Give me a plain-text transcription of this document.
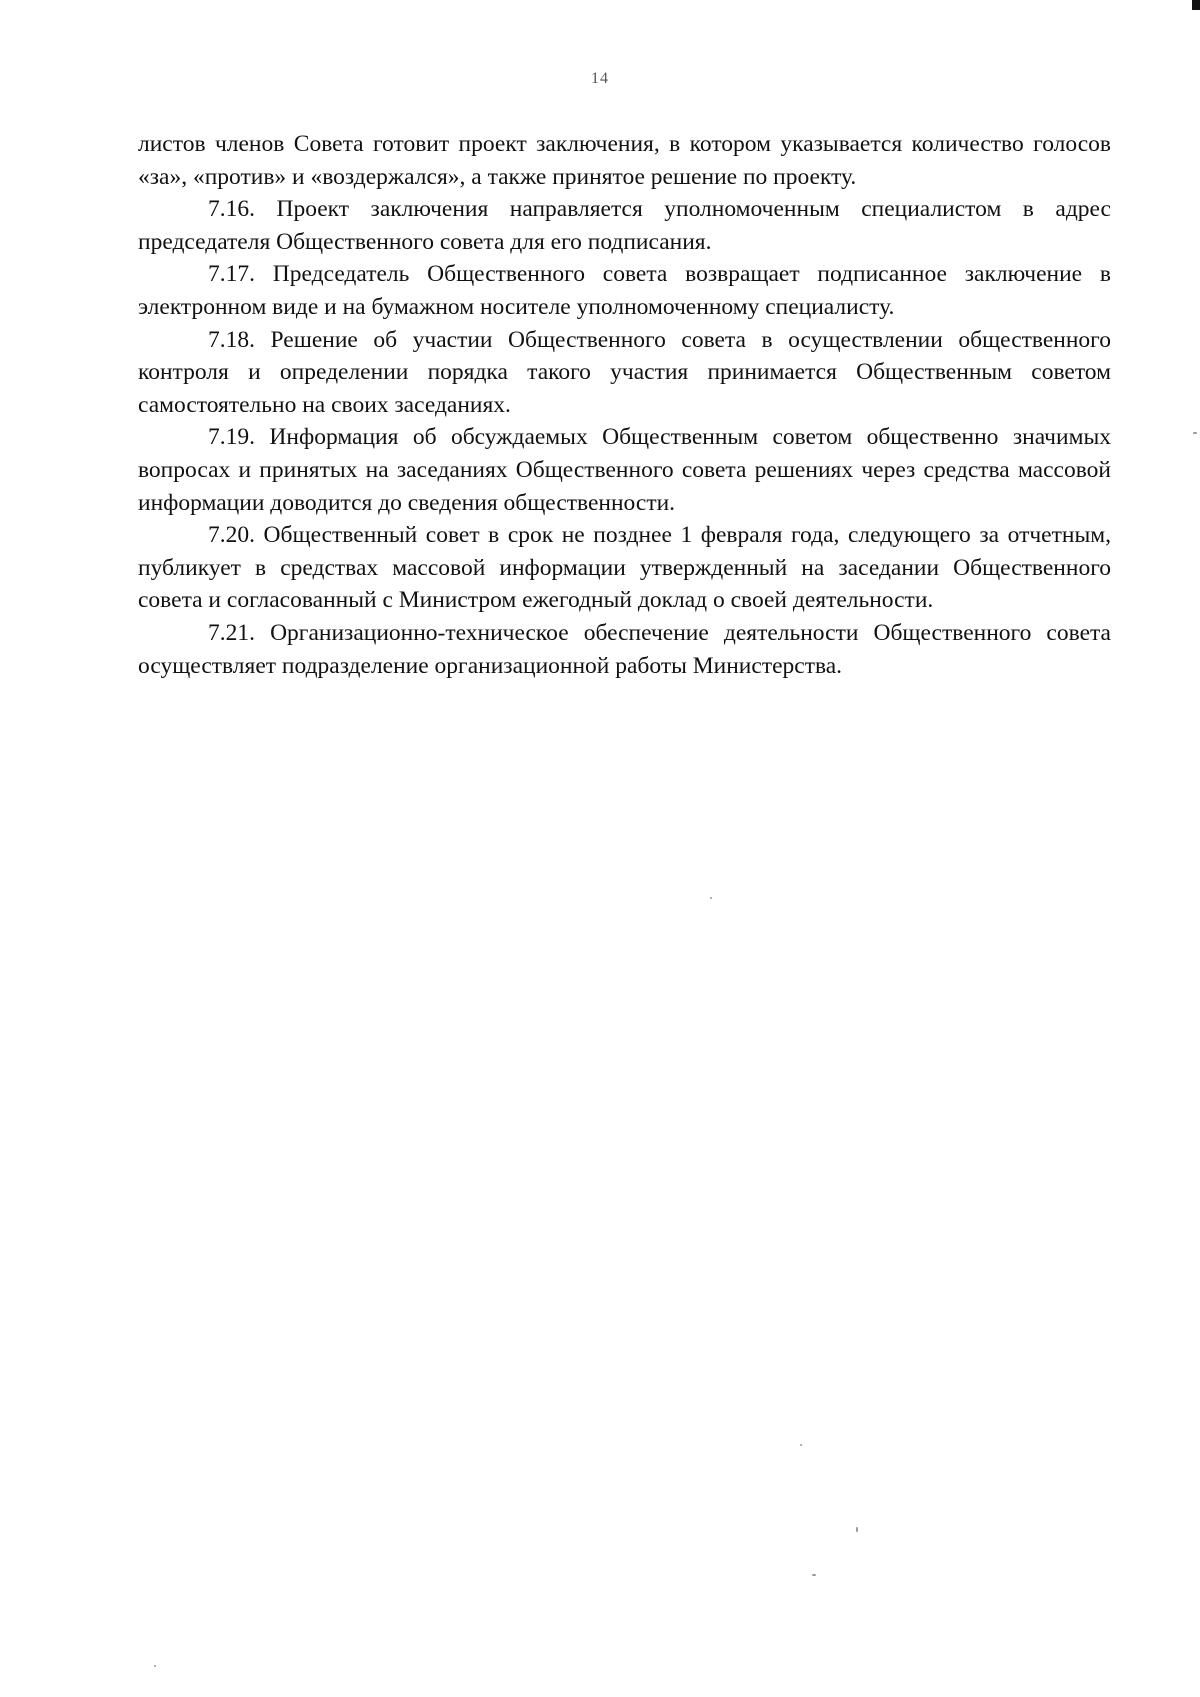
14

листов членов Совета готовит проект заключения, в котором указывается количество голосов «за», «против» и «воздержался», а также принятое решение по проекту.

7.16. Проект заключения направляется уполномоченным специалистом в адрес председателя Общественного совета для его подписания.

7.17. Председатель Общественного совета возвращает подписанное заключение в электронном виде и на бумажном носителе уполномоченному специалисту.

7.18. Решение об участии Общественного совета в осуществлении общественного контроля и определении порядка такого участия принимается Общественным советом самостоятельно на своих заседаниях.

7.19. Информация об обсуждаемых Общественным советом общественно значимых вопросах и принятых на заседаниях Общественного совета решениях через средства массовой информации доводится до сведения общественности.

7.20. Общественный совет в срок не позднее 1 февраля года, следующего за отчетным, публикует в средствах массовой информации утвержденный на заседании Общественного совета и согласованный с Министром ежегодный доклад о своей деятельности.

7.21. Организационно-техническое обеспечение деятельности Общественного совета осуществляет подразделение организационной работы Министерства.
